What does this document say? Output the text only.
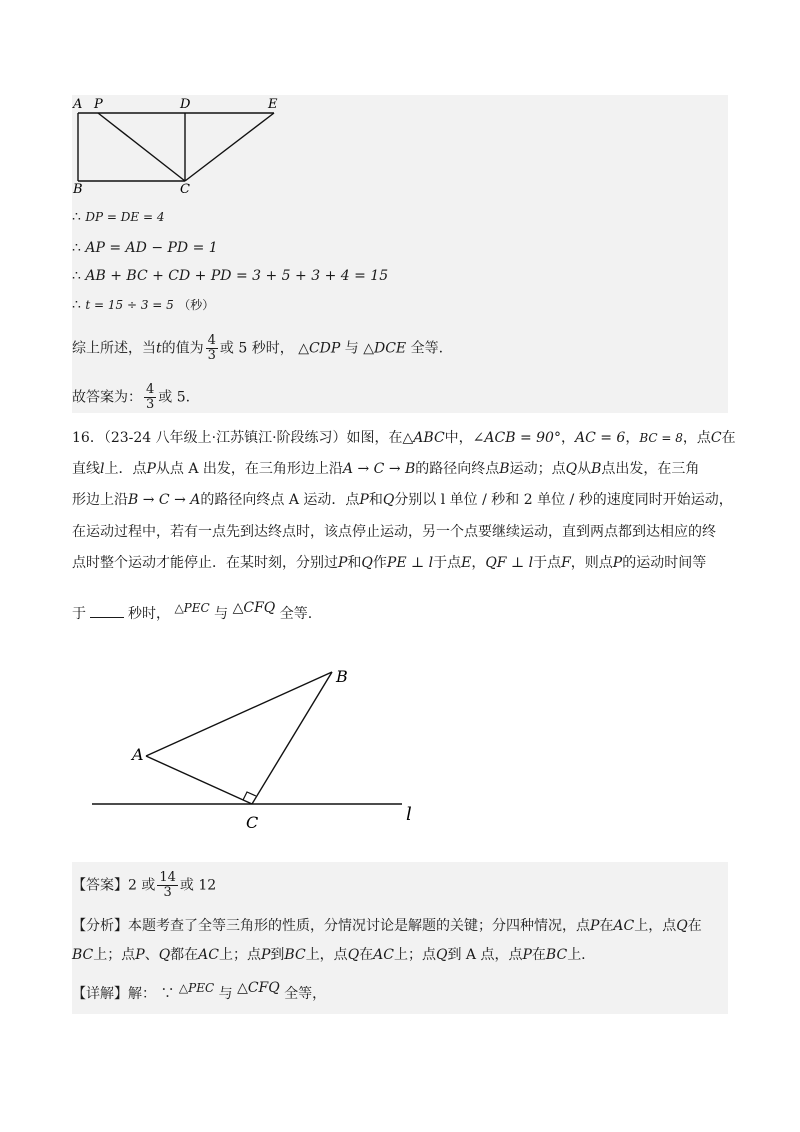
A P	D	E
B	C
∴ DP = DE = 4
∴ AP = AD − PD = 1
∴ AB + BC + CD + PD = 3 + 5 + 3 + 4 = 15
∴ t = 15 ÷ 3 = 5 （秒）
综上所述，当t的值为 $\frac{4}{3}$ 或 5 秒时， △CDP 与 △DCE 全等.
故答案为： $\frac{4}{3}$ 或 5.
16．（23-24 八年级上·江苏镇江·阶段练习）如图，在△ABC中，∠ACB = 90°，AC = 6，BC = 8，点C在
直线l上．点P从点 A 出发，在三角形边上沿A → C → B的路径向终点B运动；点Q从B点出发，在三角
形边上沿B → C → A的路径向终点 A 运动．点P和Q分别以 l 单位 / 秒和 2 单位 / 秒的速度同时开始运动，
在运动过程中，若有一点先到达终点时，该点停止运动，另一个点要继续运动，直到两点都到达相应的终
点时整个运动才能停止．在某时刻，分别过P和Q作PE ⊥ l于点E，QF ⊥ l于点F，则点P的运动时间等
于	秒时， △PEC 与 △CFQ 全等.
A
B
C	l
【答案】2 或 $\frac{14}{3}$ 或 12
【分析】本题考查了全等三角形的性质，分情况讨论是解题的关键；分四种情况，点P在AC上，点Q在
BC上；点P、Q都在AC上；点P到BC上，点Q在AC上；点Q到 A 点，点P在BC上.
【详解】解： ∵ △PEC 与 △CFQ 全等，
